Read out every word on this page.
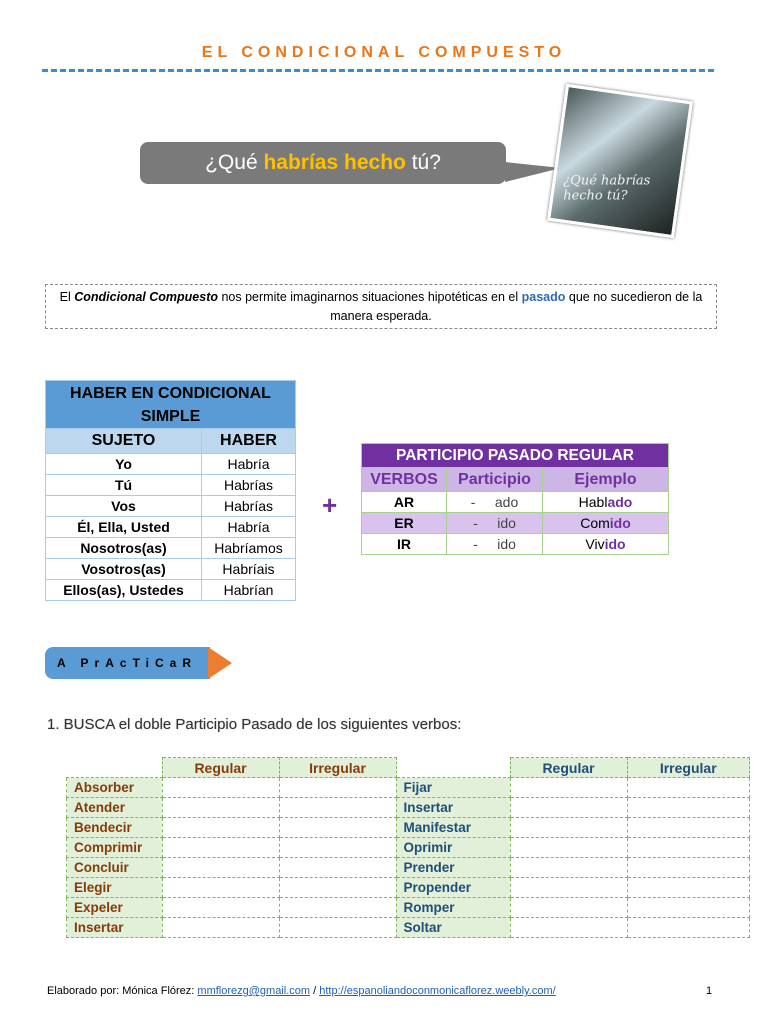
EL CONDICIONAL COMPUESTO
¿Qué habrías hecho tú?
¿Qué habrías hecho tú?
El Condicional Compuesto nos permite imaginarnos situaciones hipotéticas en el pasado que no sucedieron de la manera esperada.
HABER EN CONDICIONAL SIMPLE	
SUJETO	HABER
Yo	Habría
Tú	Habrías
Vos	Habrías
Él, Ella, Usted	Habría
Nosotros(as)	Habríamos
Vosotros(as)	Habríais
Ellos(as), Ustedes	Habrían
+
PARTICIPIO PASADO REGULAR		
VERBOS	Participio	Ejemplo
AR	- ado	Hablado
ER	- ido	Comido
IR	- ido	Vivido
A PrAcTiCaR
1. BUSCA el doble Participio Pasado de los siguientes verbos:
	Regular	Irregular		Regular	Irregular
Absorber			Fijar		
Atender			Insertar		
Bendecir			Manifestar		
Comprimir			Oprimir		
Concluir			Prender		
Elegir			Propender		
Expeler			Romper		
Insertar			Soltar		
Elaborado por: Mónica Flórez: mmflorezg@gmail.com / http://espanoliandoconmonicaflorez.weebly.com/	1
